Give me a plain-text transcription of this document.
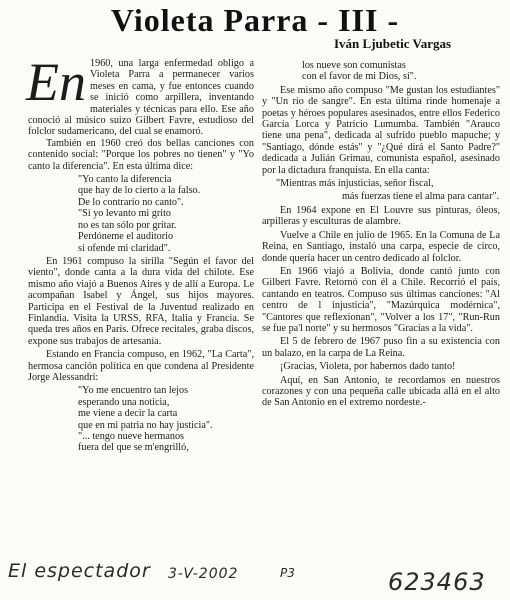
Violeta Parra - III -
Iván Ljubetic Vargas

En 1960, una larga enfermedad obligo a Violeta Parra a permanecer varios meses en cama, y fue entonces cuando se inició como arpillera, inventando materiales y técnicas para ello. Ese año conoció al músico suizo Gilbert Favre, estudioso del folclor sudamericano, del cual se enamoró.

También en 1960 creó dos bellas canciones con contenido social: "Porque los pobres no tienen" y "Yo canto la diferencia". En esta última dice:

"Yo canto la diferencia
que hay de lo cierto a la falso.
De lo contrario no canto".
"Si yo levanto mi grito
no es tan sólo por gritar.
Perdóneme el auditorio
si ofende mi claridad".

En 1961 compuso la sirilla "Según el favor del viento", donde canta a la dura vida del chilote. Ese mismo año viajó a Buenos Aires y de allí a Europa. Le acompañan Isabel y Ángel, sus hijos mayores. Participa en el Festival de la Juventud realizado en Finlandia. Visita la URSS, RFA, Italia y Francia. Se queda tres años en París. Ofrece recitales, graba discos, expone sus trabajos de artesanía.

Estando en Francia compuso, en 1962, "La Carta", hermosa canción política en que condena al Presidente Jorge Alessandri:

"Yo me encuentro tan lejos
esperando una noticia,
me viene a decir la carta
que en mi patria no hay justicia".
"... tengo nueve hermanos
fuera del que se m'engrilló,
los nueve son comunistas
con el favor de mi Dios, sí".

Ese mismo año compuso "Me gustan los estudiantes" y "Un río de sangre". En esta última rinde homenaje a poetas y héroes populares asesinados, entre ellos Federico García Lorca y Patricio Lumumba. También "Arauco tiene una pena", dedicada al sufrido pueblo mapuche; y "Santiago, dónde estás" y "¿Qué dirá el Santo Padre?" dedicada a Julián Grimau, comunista español, asesinado por la dictadura franquista. En ella canta:

"Mientras más injusticias, señor fiscal,

más fuerzas tiene el alma para cantar".

En 1964 expone en El Louvre sus pinturas, óleos, arpilleras y esculturas de alambre.

Vuelve a Chile en julio de 1965. En la Comuna de La Reina, en Santiago, instaló una carpa, especie de circo, donde quería hacer un centro dedicado al folclor.

En 1966 viajó a Bolivia, donde cantó junto con Gilbert Favre. Retornó con él a Chile. Recorrió el país, cantando en teatros. Compuso sus últimas canciones: "Al centro de l injusticia", "Mazúrquica modérnica", "Cantores que reflexionan", "Volver a los 17", "Run-Run se fue pa'l norte" y su hermosos "Gracias a la vida".

El 5 de febrero de 1967 puso fin a su existencia con un balazo, en la carpa de La Reina.

¡Gracias, Violeta, por habernos dado tanto!

Aquí, en San Antonio, te recordamos en nuestros corazones y con una pequeña calle ubicada allá en el alto de San Antonio en el extremo nordeste.-

El espectador 3-V-2002	P3	623463
